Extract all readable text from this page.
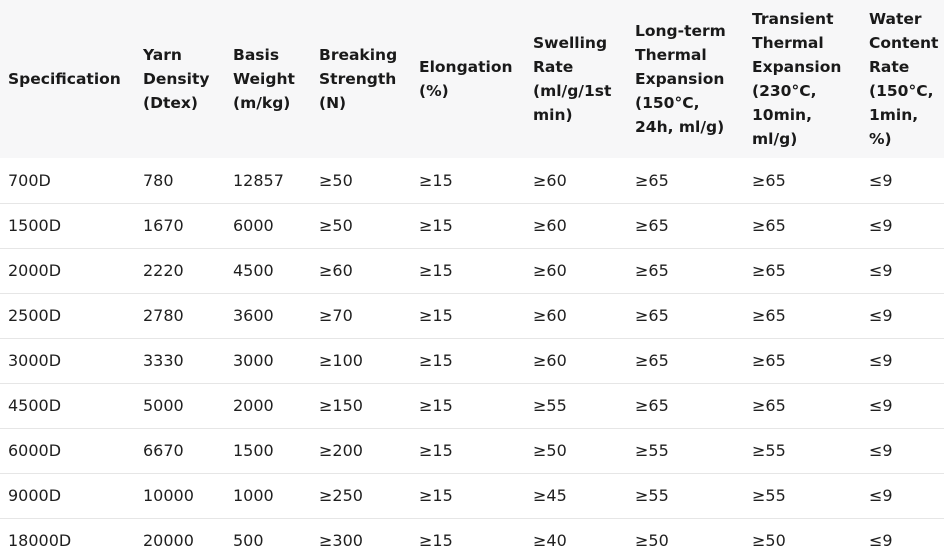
Specification	Yarn Density (Dtex)	Basis Weight (m/kg)	Breaking Strength (N)	Elongation (%)	Swelling Rate (ml/g/1st min)	Long-term Thermal Expansion (150°C, 24h, ml/g)	Transient Thermal Expansion (230°C, 10min, ml/g)	Water Content Rate (150°C, 1min, %)
700D	780	12857	≥50	≥15	≥60	≥65	≥65	≤9
1500D	1670	6000	≥50	≥15	≥60	≥65	≥65	≤9
2000D	2220	4500	≥60	≥15	≥60	≥65	≥65	≤9
2500D	2780	3600	≥70	≥15	≥60	≥65	≥65	≤9
3000D	3330	3000	≥100	≥15	≥60	≥65	≥65	≤9
4500D	5000	2000	≥150	≥15	≥55	≥65	≥65	≤9
6000D	6670	1500	≥200	≥15	≥50	≥55	≥55	≤9
9000D	10000	1000	≥250	≥15	≥45	≥55	≥55	≤9
18000D	20000	500	≥300	≥15	≥40	≥50	≥50	≤9
